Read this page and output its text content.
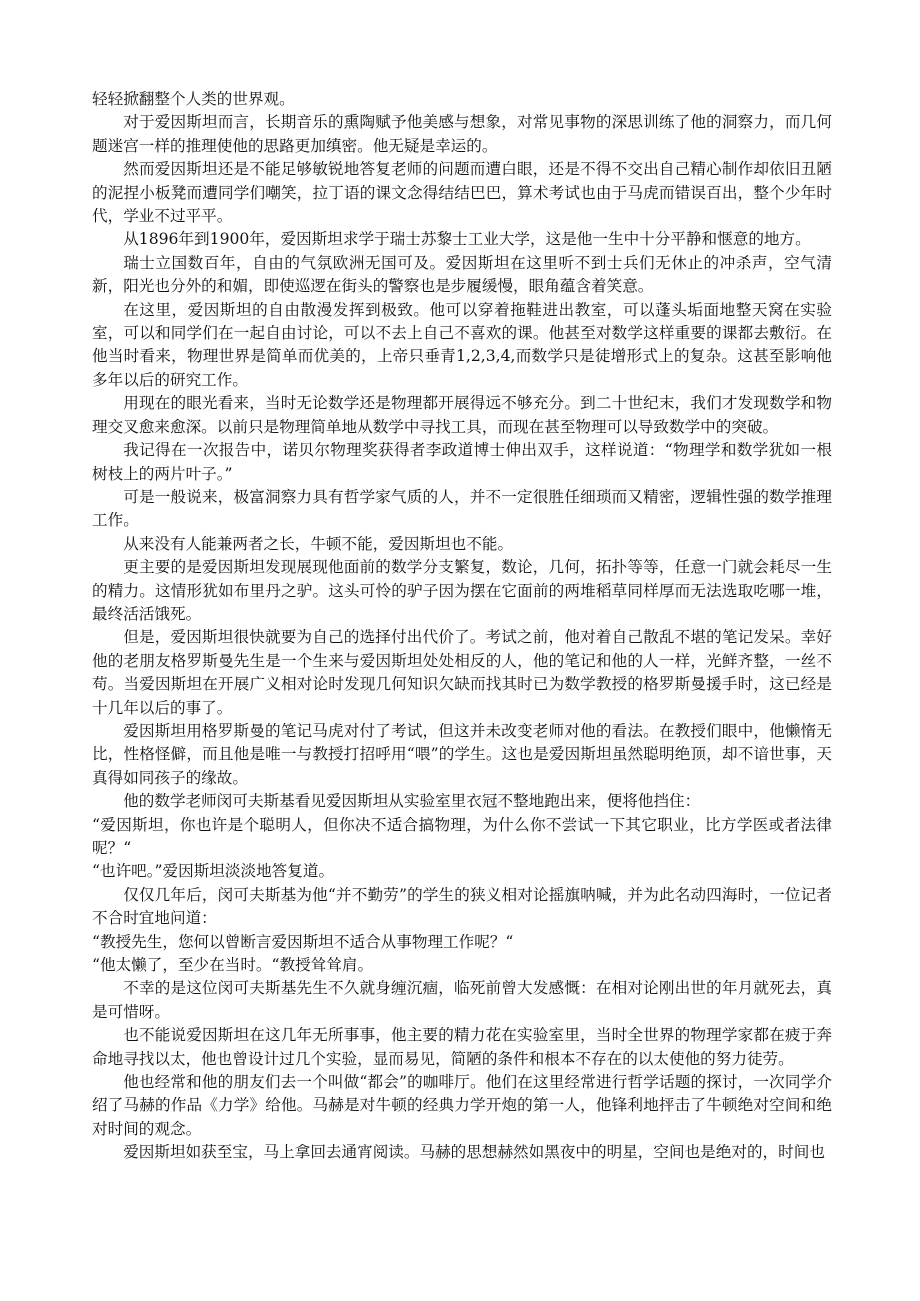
轻轻掀翻整个人类的世界观。

对于爱因斯坦而言，长期音乐的熏陶赋予他美感与想象，对常见事物的深思训练了他的洞察力，而几何题迷宫一样的推理使他的思路更加缜密。他无疑是幸运的。

然而爱因斯坦还是不能足够敏锐地答复老师的问题而遭白眼，还是不得不交出自己精心制作却依旧丑陋的泥捏小板凳而遭同学们嘲笑，拉丁语的课文念得结结巴巴，算术考试也由于马虎而错误百出，整个少年时代，学业不过平平。

从1896年到1900年，爱因斯坦求学于瑞士苏黎士工业大学，这是他一生中十分平静和惬意的地方。

瑞士立国数百年，自由的气氛欧洲无国可及。爱因斯坦在这里听不到士兵们无休止的冲杀声，空气清新，阳光也分外的和媚，即使巡逻在街头的警察也是步履缓慢，眼角蕴含着笑意。

在这里，爱因斯坦的自由散漫发挥到极致。他可以穿着拖鞋进出教室，可以蓬头垢面地整天窝在实验室，可以和同学们在一起自由讨论，可以不去上自己不喜欢的课。他甚至对数学这样重要的课都去敷衍。在他当时看来，物理世界是简单而优美的，上帝只垂青1,2,3,4,而数学只是徒增形式上的复杂。这甚至影响他多年以后的研究工作。

用现在的眼光看来，当时无论数学还是物理都开展得远不够充分。到二十世纪末，我们才发现数学和物理交叉愈来愈深。以前只是物理简单地从数学中寻找工具，而现在甚至物理可以导致数学中的突破。

我记得在一次报告中，诺贝尔物理奖获得者李政道博士伸出双手，这样说道：“物理学和数学犹如一根树枝上的两片叶子。”

可是一般说来，极富洞察力具有哲学家气质的人，并不一定很胜任细琐而又精密，逻辑性强的数学推理工作。

从来没有人能兼两者之长，牛顿不能，爱因斯坦也不能。

更主要的是爱因斯坦发现展现他面前的数学分支繁复，数论，几何，拓扑等等，任意一门就会耗尽一生的精力。这情形犹如布里丹之驴。这头可怜的驴子因为摆在它面前的两堆稻草同样厚而无法选取吃哪一堆，最终活活饿死。

但是，爱因斯坦很快就要为自己的选择付出代价了。考试之前，他对着自己散乱不堪的笔记发呆。幸好他的老朋友格罗斯曼先生是一个生来与爱因斯坦处处相反的人，他的笔记和他的人一样，光鲜齐整，一丝不苟。当爱因斯坦在开展广义相对论时发现几何知识欠缺而找其时已为数学教授的格罗斯曼援手时，这已经是十几年以后的事了。

爱因斯坦用格罗斯曼的笔记马虎对付了考试，但这并未改变老师对他的看法。在教授们眼中，他懒惰无比，性格怪僻，而且他是唯一与教授打招呼用“喂”的学生。这也是爱因斯坦虽然聪明绝顶，却不谙世事，天真得如同孩子的缘故。

他的数学老师闵可夫斯基看见爱因斯坦从实验室里衣冠不整地跑出来，便将他挡住：

“爱因斯坦，你也许是个聪明人，但你决不适合搞物理，为什么你不尝试一下其它职业，比方学医或者法律呢？“

“也许吧。”爱因斯坦淡淡地答复道。

仅仅几年后，闵可夫斯基为他“并不勤劳”的学生的狭义相对论摇旗呐喊，并为此名动四海时，一位记者不合时宜地问道：

“教授先生，您何以曾断言爱因斯坦不适合从事物理工作呢？“

“他太懒了，至少在当时。“教授耸耸肩。

不幸的是这位闵可夫斯基先生不久就身缠沉痼，临死前曾大发感慨：在相对论刚出世的年月就死去，真是可惜呀。

也不能说爱因斯坦在这几年无所事事，他主要的精力花在实验室里，当时全世界的物理学家都在疲于奔命地寻找以太，他也曾设计过几个实验，显而易见，简陋的条件和根本不存在的以太使他的努力徒劳。

他也经常和他的朋友们去一个叫做“都会”的咖啡厅。他们在这里经常进行哲学话题的探讨，一次同学介绍了马赫的作品《力学》给他。马赫是对牛顿的经典力学开炮的第一人，他锋利地抨击了牛顿绝对空间和绝对时间的观念。

爱因斯坦如获至宝，马上拿回去通宵阅读。马赫的思想赫然如黑夜中的明星，空间也是绝对的，时间也
